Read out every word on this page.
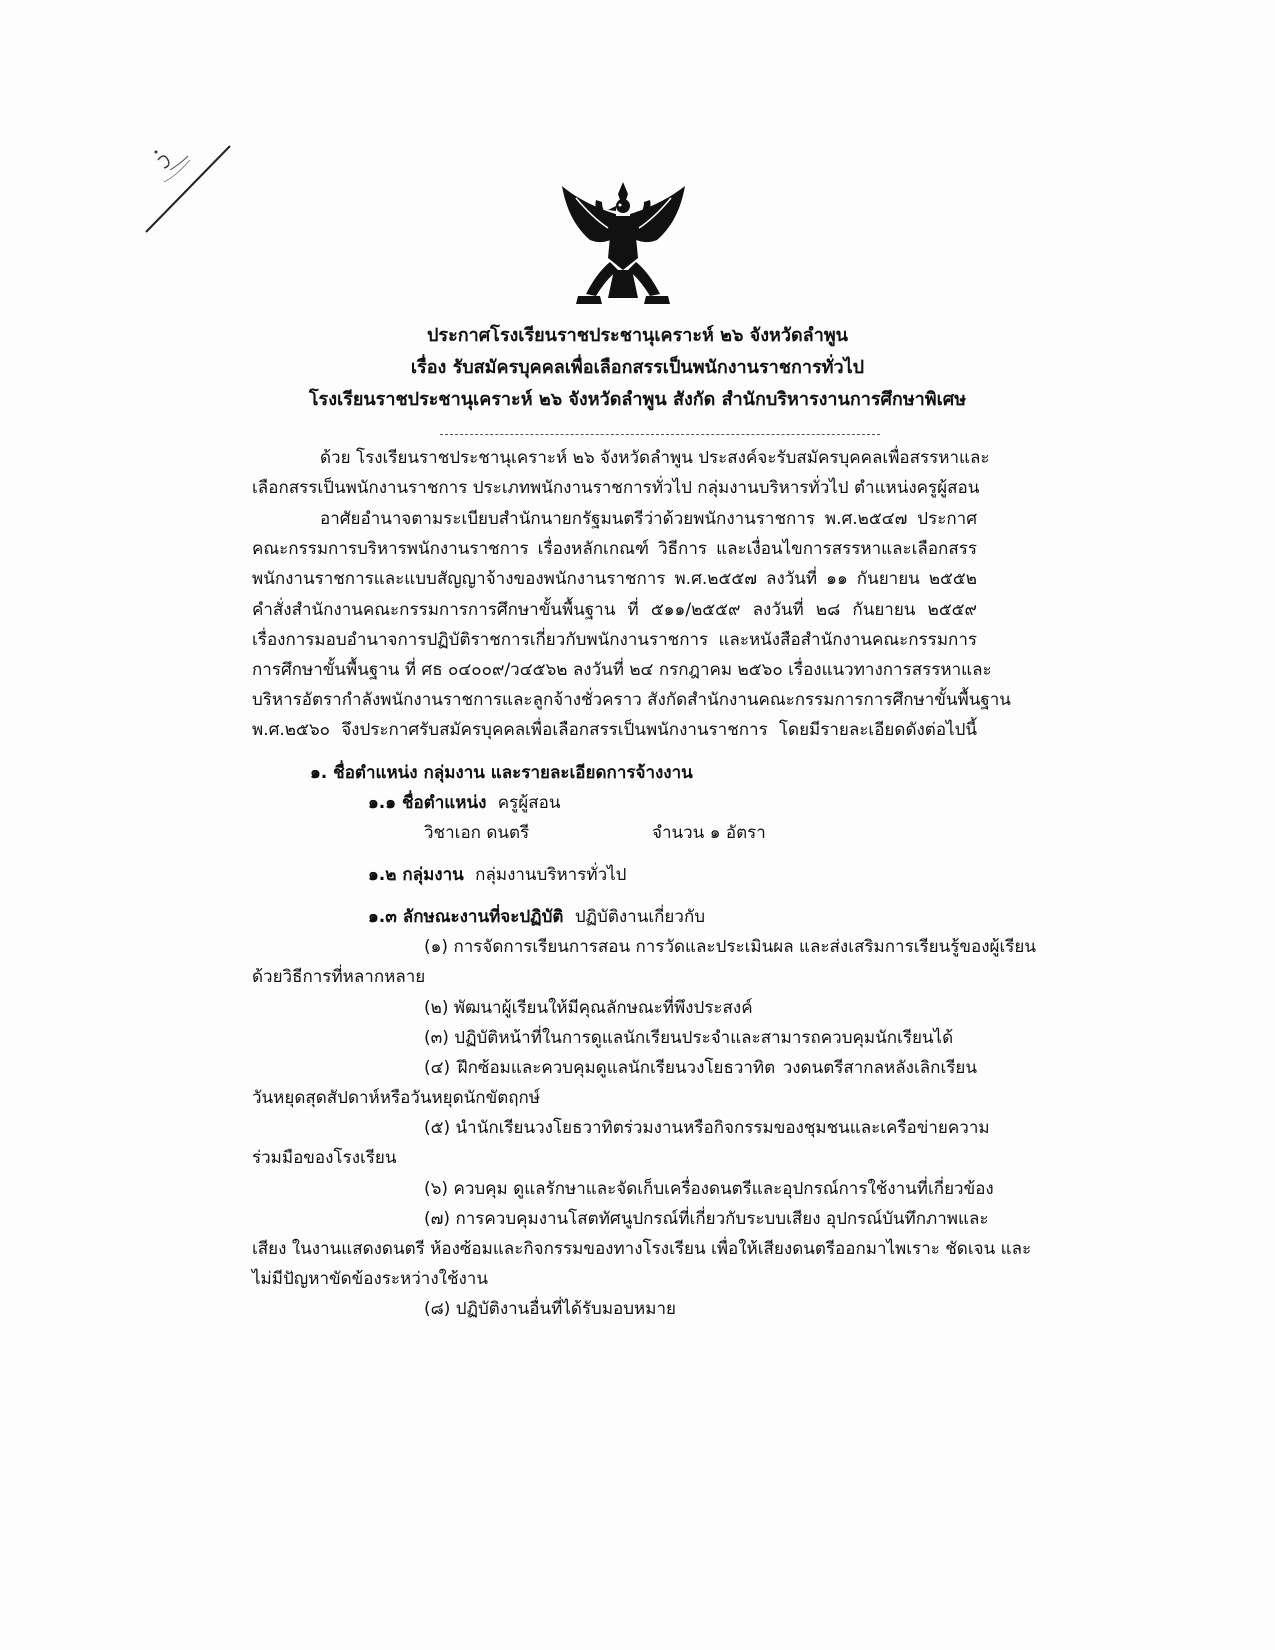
ประกาศโรงเรียนราชประชานุเคราะห์ ๒๖ จังหวัดลำพูน
เรื่อง รับสมัครบุคคลเพื่อเลือกสรรเป็นพนักงานราชการทั่วไป
โรงเรียนราชประชานุเคราะห์ ๒๖ จังหวัดลำพูน สังกัด สำนักบริหารงานการศึกษาพิเศษ
ด้วย โรงเรียนราชประชานุเคราะห์ ๒๖ จังหวัดลำพูน ประสงค์จะรับสมัครบุคคลเพื่อสรรหาและ
เลือกสรรเป็นพนักงานราชการ ประเภทพนักงานราชการทั่วไป กลุ่มงานบริหารทั่วไป ตำแหน่งครูผู้สอน
อาศัยอำนาจตามระเบียบสำนักนายกรัฐมนตรีว่าด้วยพนักงานราชการ พ.ศ.๒๕๔๗ ประกาศ
คณะกรรมการบริหารพนักงานราชการ เรื่องหลักเกณฑ์ วิธีการ และเงื่อนไขการสรรหาและเลือกสรร
พนักงานราชการและแบบสัญญาจ้างของพนักงานราชการ พ.ศ.๒๕๕๗ ลงวันที่ ๑๑ กันยายน ๒๕๕๒
คำสั่งสำนักงานคณะกรรมการการศึกษาขั้นพื้นฐาน ที่ ๕๑๑/๒๕๕๙ ลงวันที่ ๒๘ กันยายน ๒๕๕๙
เรื่องการมอบอำนาจการปฏิบัติราชการเกี่ยวกับพนักงานราชการ และหนังสือสำนักงานคณะกรรมการ
การศึกษาขั้นพื้นฐาน ที่ ศธ ๐๔๐๐๙/ว๔๕๖๒ ลงวันที่ ๒๔ กรกฎาคม ๒๕๖๐ เรื่องแนวทางการสรรหาและ
บริหารอัตรากำลังพนักงานราชการและลูกจ้างชั่วคราว สังกัดสำนักงานคณะกรรมการการศึกษาขั้นพื้นฐาน
พ.ศ.๒๕๖๐ จึงประกาศรับสมัครบุคคลเพื่อเลือกสรรเป็นพนักงานราชการ โดยมีรายละเอียดดังต่อไปนี้
๑. ชื่อตำแหน่ง กลุ่มงาน และรายละเอียดการจ้างงาน
๑.๑ ชื่อตำแหน่ง ครูผู้สอน
วิชาเอก ดนตรี	จำนวน ๑ อัตรา
๑.๒ กลุ่มงาน กลุ่มงานบริหารทั่วไป
๑.๓ ลักษณะงานที่จะปฏิบัติ ปฏิบัติงานเกี่ยวกับ
(๑) การจัดการเรียนการสอน การวัดและประเมินผล และส่งเสริมการเรียนรู้ของผู้เรียน
ด้วยวิธีการที่หลากหลาย
(๒) พัฒนาผู้เรียนให้มีคุณลักษณะที่พึงประสงค์
(๓) ปฏิบัติหน้าที่ในการดูแลนักเรียนประจำและสามารถควบคุมนักเรียนได้
(๔) ฝึกซ้อมและควบคุมดูแลนักเรียนวงโยธวาทิต วงดนตรีสากลหลังเลิกเรียน
วันหยุดสุดสัปดาห์หรือวันหยุดนักขัตฤกษ์
(๕) นำนักเรียนวงโยธวาทิตร่วมงานหรือกิจกรรมของชุมชนและเครือข่ายความ
ร่วมมือของโรงเรียน
(๖) ควบคุม ดูแลรักษาและจัดเก็บเครื่องดนตรีและอุปกรณ์การใช้งานที่เกี่ยวข้อง
(๗) การควบคุมงานโสตทัศนูปกรณ์ที่เกี่ยวกับระบบเสียง อุปกรณ์บันทึกภาพและ
เสียง ในงานแสดงดนตรี ห้องซ้อมและกิจกรรมของทางโรงเรียน เพื่อให้เสียงดนตรีออกมาไพเราะ ชัดเจน และ
ไม่มีปัญหาขัดข้องระหว่างใช้งาน
(๘) ปฏิบัติงานอื่นที่ได้รับมอบหมาย
